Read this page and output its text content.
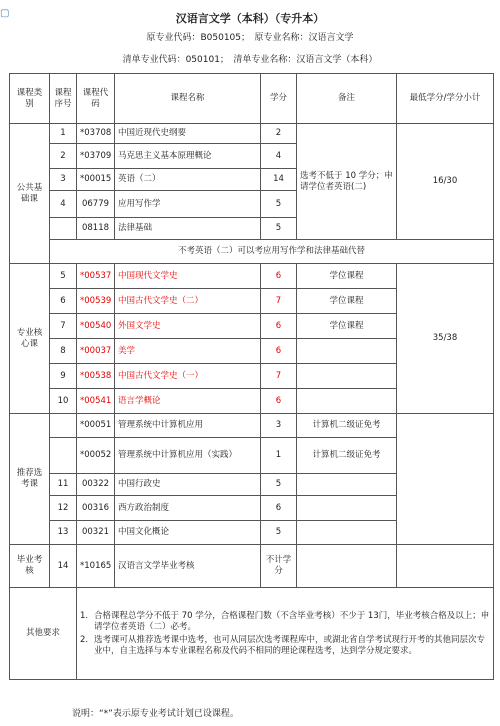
▢	汉语言文学（本科）（专升本）
原专业代码：B050105；　原专业名称：汉语言文学
清单专业代码：050101；　清单专业名称：汉语言文学（本科）
课程类别	课程序号	课程代码	课程名称	学分	备注	最低学分/学分小计
公共基础课	1	*03708	中国近现代史纲要	2	选考不低于 10 学分；申请学位者英语(二)	16/30
	2	*03709	马克思主义基本原理概论	4		
	3	*00015	英语（二）	14		
	4	06779	应用写作学	5		
		08118	法律基础	5		
	不考英语（二）可以考应用写作学和法律基础代替					
专业核心课	5	*00537	中国现代文学史	6	学位课程	35/38
	6	*00539	中国古代文学史（二）	7	学位课程	
	7	*00540	外国文学史	6	学位课程	
	8	*00037	美学	6		
	9	*00538	中国古代文学史（一）	7		
	10	*00541	语言学概论	6		
推荐选考课		*00051	管理系统中计算机应用	3	计算机二级证免考	
		*00052	管理系统中计算机应用（实践）	1	计算机二级证免考	
	11	00322	中国行政史	5		
	12	00316	西方政治制度	6		
	13	00321	中国文化概论	5		
毕业考核	14	*10165	汉语言文学毕业考核	不计学分		
其他要求		1. 合格课程总学分不低于 70 学分，合格课程门数（不含毕业考核）不少于 13门，毕业考核合格及以上；申请学位者英语（二）必考。
2. 选考课可从推荐选考课中选考，也可从同层次选考课程库中，或湖北省自学考试现行开考的其他同层次专业中，自主选择与本专业课程名称及代码不相同的理论课程选考，达到学分规定要求。				
说明：“*”表示原专业考试计划已设课程。
